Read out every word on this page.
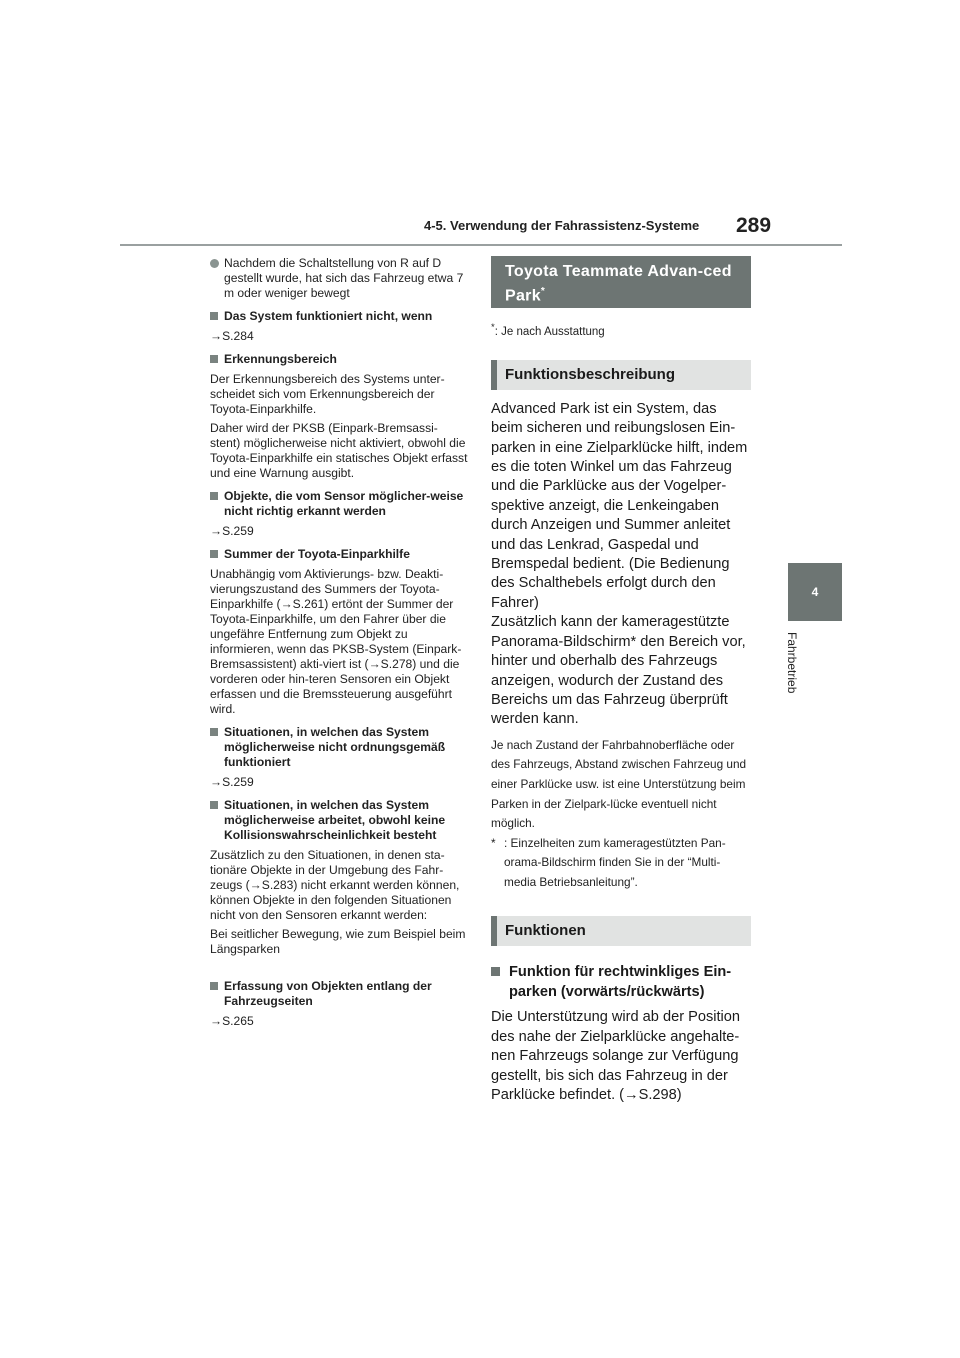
4-5. Verwendung der Fahrassistenz-Systeme 289
4
Fahrbetrieb
Nachdem die Schaltstellung von R auf D gestellt wurde, hat sich das Fahrzeug etwa 7 m oder weniger bewegt
Das System funktioniert nicht, wenn

→S.284

Erkennungsbereich

Der Erkennungsbereich des Systems unter-scheidet sich vom Erkennungsbereich der Toyota-Einparkhilfe.

Daher wird der PKSB (Einpark-Bremsassi-stent) möglicherweise nicht aktiviert, obwohl die Toyota-Einparkhilfe ein statisches Objekt erfasst und eine Warnung ausgibt.

Objekte, die vom Sensor möglicher-weise nicht richtig erkannt werden

→S.259

Summer der Toyota-Einparkhilfe

Unabhängig vom Aktivierungs- bzw. Deakti-vierungszustand des Summers der Toyota-Einparkhilfe (→S.261) ertönt der Summer der Toyota-Einparkhilfe, um den Fahrer über die ungefähre Entfernung zum Objekt zu informieren, wenn das PKSB-System (Einpark-Bremsassistent) akti-viert ist (→S.278) und die vorderen oder hin-teren Sensoren ein Objekt erfassen und die Bremssteuerung ausgeführt wird.

Situationen, in welchen das System möglicherweise nicht ordnungsgemäß funktioniert

→S.259

Situationen, in welchen das System möglicherweise arbeitet, obwohl keine Kollisionswahrscheinlichkeit besteht

Zusätzlich zu den Situationen, in denen sta-tionäre Objekte in der Umgebung des Fahr-zeugs (→S.283) nicht erkannt werden können, können Objekte in den folgenden Situationen nicht von den Sensoren erkannt werden:

Bei seitlicher Bewegung, wie zum Beispiel beim Längsparken

Erfassung von Objekten entlang der Fahrzeugseiten

→S.265

Toyota Teammate Advan-ced Park*
*: Je nach Ausstattung
Funktionsbeschreibung
Advanced Park ist ein System, das beim sicheren und reibungslosen Ein-parken in eine Zielparklücke hilft, indem es die toten Winkel um das Fahrzeug und die Parklücke aus der Vogelper-spektive anzeigt, die Lenkeingaben durch Anzeigen und Summer anleitet und das Lenkrad, Gaspedal und Bremspedal bedient. (Die Bedienung des Schalthebels erfolgt durch den Fahrer)
Zusätzlich kann der kameragestützte Panorama-Bildschirm* den Bereich vor, hinter und oberhalb des Fahrzeugs anzeigen, wodurch der Zustand des Bereichs um das Fahrzeug überprüft werden kann.
Je nach Zustand der Fahrbahnoberfläche oder des Fahrzeugs, Abstand zwischen Fahrzeug und einer Parklücke usw. ist eine Unterstützung beim Parken in der Zielpark-lücke eventuell nicht möglich.
* : Einzelheiten zum kameragestützten Pan-orama-Bildschirm finden Sie in der “Multi-media Betriebsanleitung”.
Funktionen
Funktion für rechtwinkliges Ein-parken (vorwärts/rückwärts)
Die Unterstützung wird ab der Position des nahe der Zielparklücke angehalte-nen Fahrzeugs solange zur Verfügung gestellt, bis sich das Fahrzeug in der Parklücke befindet. (→S.298)
